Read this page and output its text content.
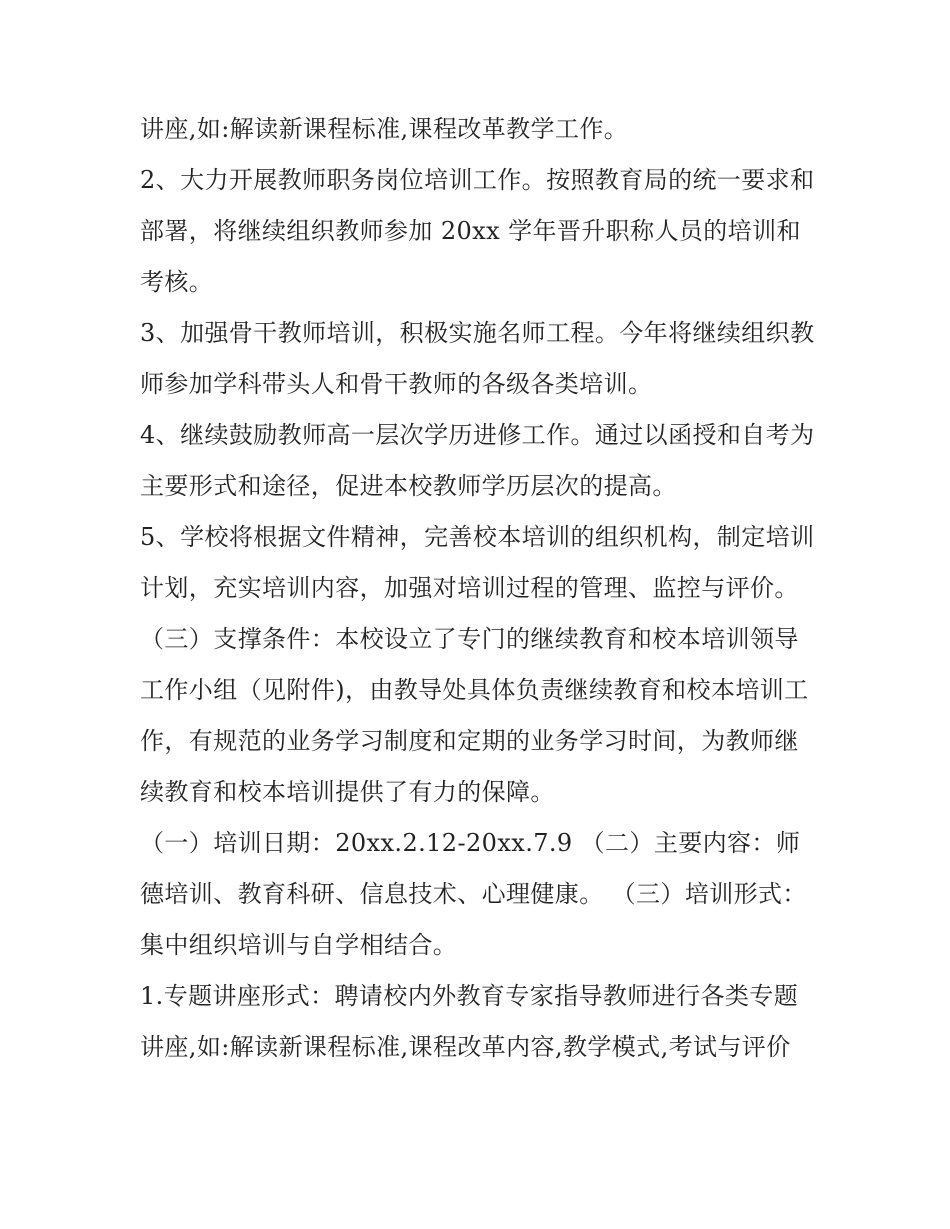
讲座,如:解读新课程标准,课程改革教学工作。

2、大力开展教师职务岗位培训工作。按照教育局的统一要求和部署，将继续组织教师参加 20xx 学年晋升职称人员的培训和考核。

3、加强骨干教师培训，积极实施名师工程。今年将继续组织教师参加学科带头人和骨干教师的各级各类培训。

4、继续鼓励教师高一层次学历进修工作。通过以函授和自考为主要形式和途径，促进本校教师学历层次的提高。

5、学校将根据文件精神，完善校本培训的组织机构，制定培训计划，充实培训内容，加强对培训过程的管理、监控与评价。

（三）支撑条件：本校设立了专门的继续教育和校本培训领导工作小组（见附件)，由教导处具体负责继续教育和校本培训工作，有规范的业务学习制度和定期的业务学习时间，为教师继续教育和校本培训提供了有力的保障。

（一）培训日期：20xx.2.12-20xx.7.9 （二）主要内容：师德培训、教育科研、信息技术、心理健康。 （三）培训形式：集中组织培训与自学相结合。

1.专题讲座形式：聘请校内外教育专家指导教师进行各类专题讲座,如:解读新课程标准,课程改革内容,教学模式,考试与评价
